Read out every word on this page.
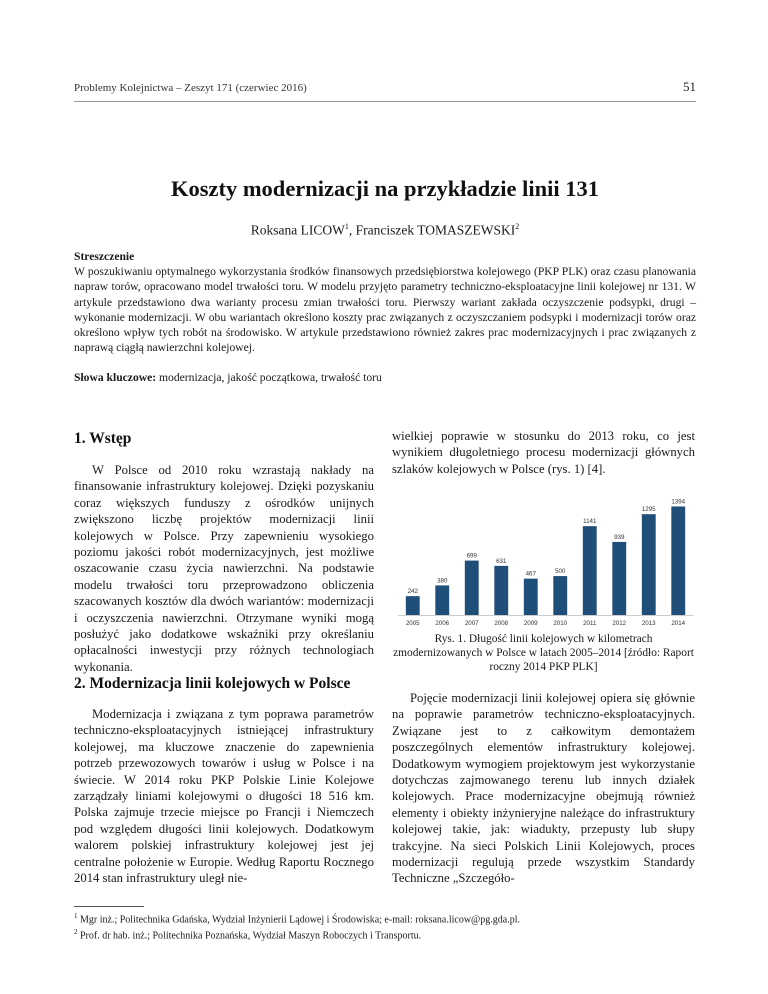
Problemy Kolejnictwa – Zeszyt 171 (czerwiec 2016)	51
Koszty modernizacji na przykładzie linii 131
Roksana LICOW$^1$, Franciszek TOMASZEWSKI$^2$
Streszczenie

W poszukiwaniu optymalnego wykorzystania środków finansowych przedsiębiorstwa kolejowego (PKP PLK) oraz czasu planowania napraw torów, opracowano model trwałości toru. W modelu przyjęto parametry techniczno-eksploatacyjne linii kolejowej nr 131. W artykule przedstawiono dwa warianty procesu zmian trwałości toru. Pierwszy wariant zakłada oczyszczenie podsypki, drugi – wykonanie modernizacji. W obu wariantach określono koszty prac związanych z oczyszczaniem podsypki i modernizacji torów oraz określono wpływ tych robót na środowisko. W artykule przedstawiono również zakres prac modernizacyjnych i prac związanych z naprawą ciągłą nawierzchni kolejowej.

Słowa kluczowe: modernizacja, jakość początkowa, trwałość toru
1. Wstęp

W Polsce od 2010 roku wzrastają nakłady na finansowanie infrastruktury kolejowej. Dzięki pozyskaniu coraz większych funduszy z ośrodków unijnych zwiększono liczbę projektów modernizacji linii kolejowych w Polsce. Przy zapewnieniu wysokiego poziomu jakości robót modernizacyjnych, jest możliwe oszacowanie czasu życia nawierzchni. Na podstawie modelu trwałości toru przeprowadzono obliczenia szacowanych kosztów dla dwóch wariantów: modernizacji i oczyszczenia nawierzchni. Otrzymane wyniki mogą posłużyć jako dodatkowe wskaźniki przy określaniu opłacalności inwestycji przy różnych technologiach wykonania.

2. Modernizacja linii kolejowych w Polsce

Modernizacja i związana z tym poprawa parametrów techniczno-eksploatacyjnych istniejącej infrastruktury kolejowej, ma kluczowe znaczenie do zapewnienia potrzeb przewozowych towarów i usług w Polsce i na świecie. W 2014 roku PKP Polskie Linie Kolejowe zarządzały liniami kolejowymi o długości 18 516 km. Polska zajmuje trzecie miejsce po Francji i Niemczech pod względem długości linii kolejowych. Dodatkowym walorem polskiej infrastruktury kolejowej jest jej centralne położenie w Europie. Według Raportu Rocznego 2014 stan infrastruktury uległ nie-

wielkiej poprawie w stosunku do 2013 roku, co jest wynikiem długoletniego procesu modernizacji głównych szlaków kolejowych w Polsce (rys. 1) [4].

242
2005
380
2006
699
2007
631
2008
467
2009
500
2010
1141
2011
939
2012
1295
2013
1394
2014
Rys. 1. Długość linii kolejowych w kilometrach zmodernizowanych w Polsce w latach 2005–2014 [źródło: Raport roczny 2014 PKP PLK]

Pojęcie modernizacji linii kolejowej opiera się głównie na poprawie parametrów techniczno-eksploatacyjnych. Związane jest to z całkowitym demontażem poszczególnych elementów infrastruktury kolejowej. Dodatkowym wymogiem projektowym jest wykorzystanie dotychczas zajmowanego terenu lub innych działek kolejowych. Prace modernizacyjne obejmują również elementy i obiekty inżynieryjne należące do infrastruktury kolejowej takie, jak: wiadukty, przepusty lub słupy trakcyjne. Na sieci Polskich Linii Kolejowych, proces modernizacji regulują przede wszystkim Standardy Techniczne „Szczegóło-

$^1$ Mgr inż.; Politechnika Gdańska, Wydział Inżynierii Lądowej i Środowiska; e-mail: roksana.licow@pg.gda.pl.
$^2$ Prof. dr hab. inż.; Politechnika Poznańska, Wydział Maszyn Roboczych i Transportu.
